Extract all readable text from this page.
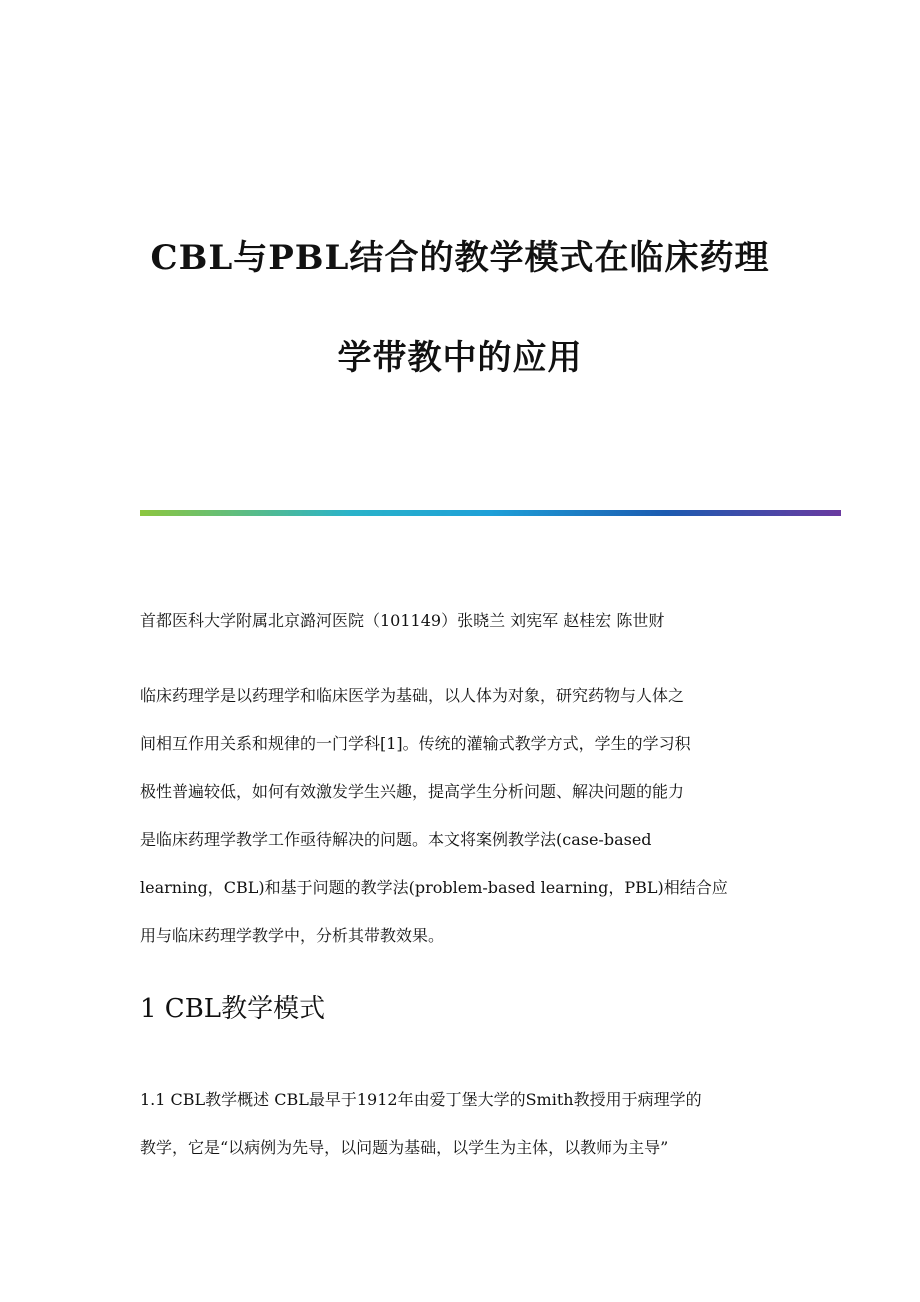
CBL与PBL结合的教学模式在临床药理
学带教中的应用
首都医科大学附属北京潞河医院（101149）张晓兰 刘宪军 赵桂宏 陈世财
临床药理学是以药理学和临床医学为基础，以人体为对象，研究药物与人体之
间相互作用关系和规律的一门学科[1]。传统的灌输式教学方式，学生的学习积
极性普遍较低，如何有效激发学生兴趣，提高学生分析问题、解决问题的能力
是临床药理学教学工作亟待解决的问题。本文将案例教学法(case-based
learning，CBL)和基于问题的教学法(problem-based learning，PBL)相结合应
用与临床药理学教学中，分析其带教效果。
1 CBL教学模式
1.1 CBL教学概述 CBL最早于1912年由爱丁堡大学的Smith教授用于病理学的
教学，它是“以病例为先导，以问题为基础，以学生为主体，以教师为主导”
